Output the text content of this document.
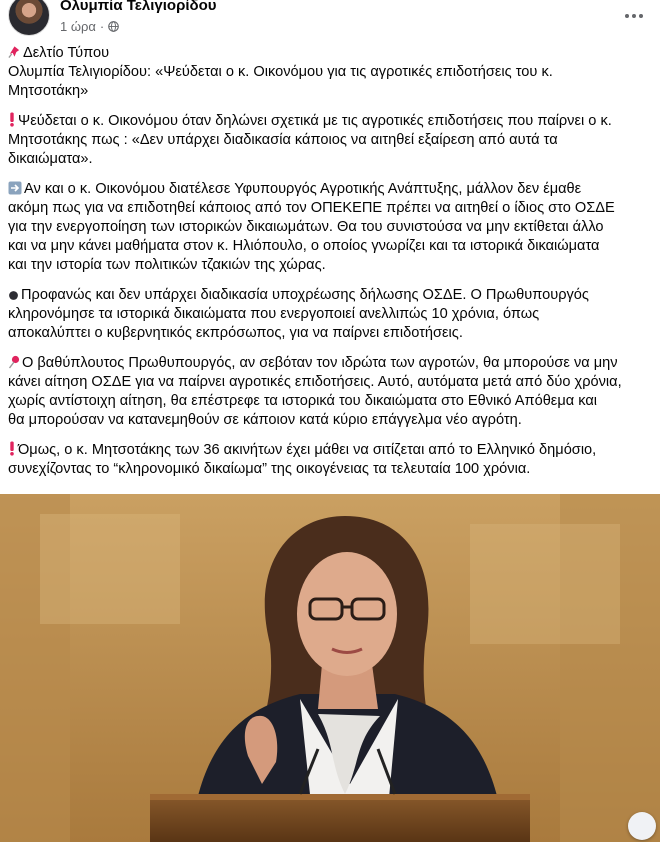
Ολυμπία Τελιγιορίδου
1 ώρα ·

Δελτίο Τύπου
Ολυμπία Τελιγιορίδου: «Ψεύδεται ο κ. Οικονόμου για τις αγροτικές επιδοτήσεις του κ.
Μητσοτάκη»

Ψεύδεται ο κ. Οικονόμου όταν δηλώνει σχετικά με τις αγροτικές επιδοτήσεις που παίρνει ο κ.
Μητσοτάκης πως : «Δεν υπάρχει διαδικασία κάποιος να αιτηθεί εξαίρεση από αυτά τα
δικαιώματα».

Αν και ο κ. Οικονόμου διατέλεσε Υφυπουργός Αγροτικής Ανάπτυξης, μάλλον δεν έμαθε
ακόμη πως για να επιδοτηθεί κάποιος από τον ΟΠΕΚΕΠΕ πρέπει να αιτηθεί ο ίδιος στο ΟΣΔΕ
για την ενεργοποίηση των ιστορικών δικαιωμάτων. Θα του συνιστούσα να μην εκτίθεται άλλο
και να μην κάνει μαθήματα στον κ. Ηλιόπουλο, ο οποίος γνωρίζει και τα ιστορικά δικαιώματα
και την ιστορία των πολιτικών τζακιών της χώρας.

Προφανώς και δεν υπάρχει διαδικασία υποχρέωσης δήλωσης ΟΣΔΕ. Ο Πρωθυπουργός
κληρονόμησε τα ιστορικά δικαιώματα που ενεργοποιεί ανελλιπώς 10 χρόνια, όπως
αποκαλύπτει ο κυβερνητικός εκπρόσωπος, για να παίρνει επιδοτήσεις.

Ο βαθύπλουτος Πρωθυπουργός, αν σεβόταν τον ιδρώτα των αγροτών, θα μπορούσε να μην
κάνει αίτηση ΟΣΔΕ για να παίρνει αγροτικές επιδοτήσεις. Αυτό, αυτόματα μετά από δύο χρόνια,
χωρίς αντίστοιχη αίτηση, θα επέστρεφε τα ιστορικά του δικαιώματα στο Εθνικό Απόθεμα και
θα μπορούσαν να κατανεμηθούν σε κάποιον κατά κύριο επάγγελμα νέο αγρότη.

Όμως, ο κ. Μητσοτάκης των 36 ακινήτων έχει μάθει να σιτίζεται από το Ελληνικό δημόσιο,
συνεχίζοντας το “κληρονομικό δικαίωμα” της οικογένειας τα τελευταία 100 χρόνια.
